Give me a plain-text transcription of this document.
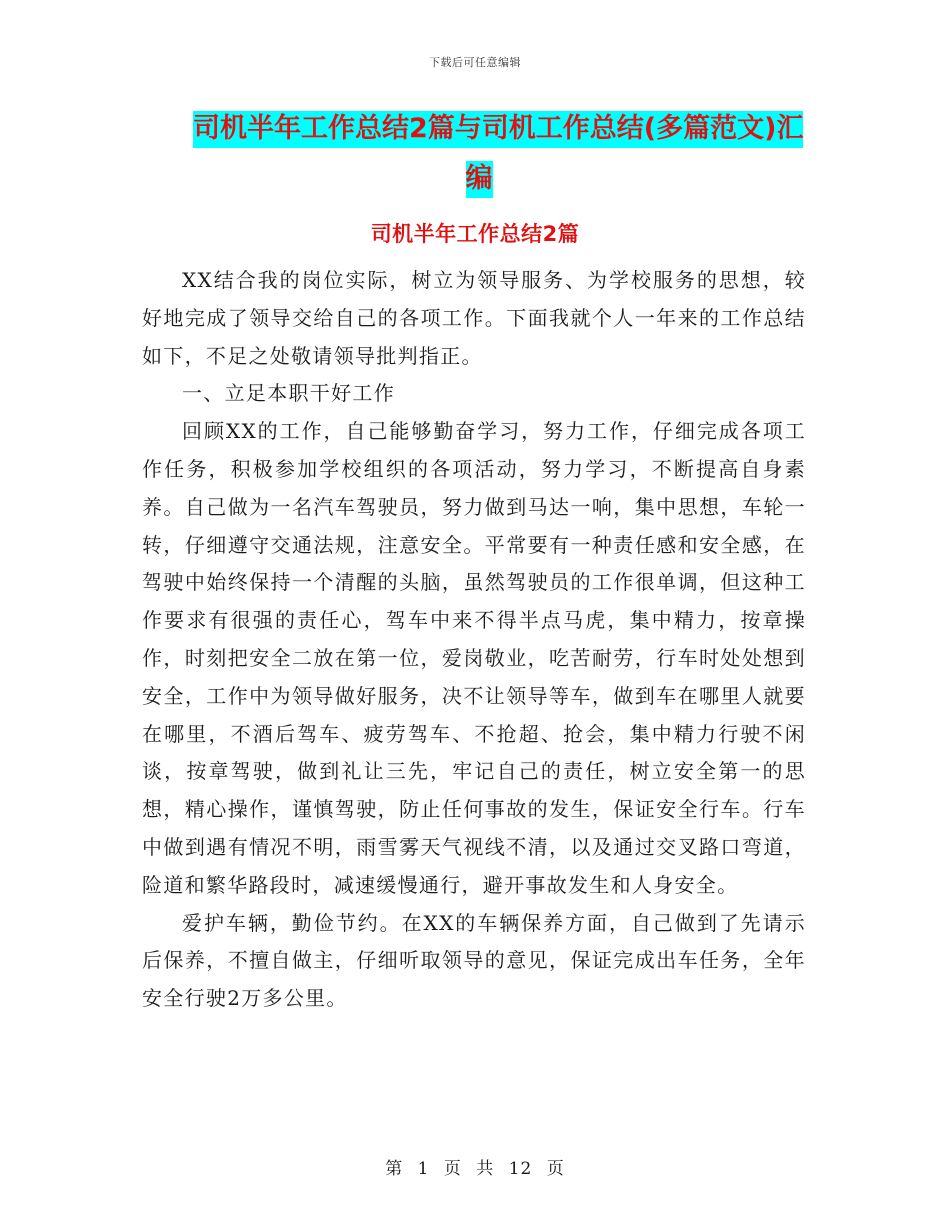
下载后可任意编辑
司机半年工作总结2篇与司机工作总结(多篇范文)汇
编
司机半年工作总结2篇

XX结合我的岗位实际，树立为领导服务、为学校服务的思想，较好地完成了领导交给自己的各项工作。下面我就个人一年来的工作总结如下，不足之处敬请领导批判指正。

一、立足本职干好工作

回顾XX的工作，自己能够勤奋学习，努力工作，仔细完成各项工作任务，积极参加学校组织的各项活动，努力学习，不断提高自身素养。自己做为一名汽车驾驶员，努力做到马达一响，集中思想，车轮一转，仔细遵守交通法规，注意安全。平常要有一种责任感和安全感，在驾驶中始终保持一个清醒的头脑，虽然驾驶员的工作很单调，但这种工作要求有很强的责任心，驾车中来不得半点马虎，集中精力，按章操作，时刻把安全二放在第一位，爱岗敬业，吃苦耐劳，行车时处处想到安全，工作中为领导做好服务，决不让领导等车，做到车在哪里人就要在哪里，不酒后驾车、疲劳驾车、不抢超、抢会，集中精力行驶不闲谈，按章驾驶，做到礼让三先，牢记自己的责任，树立安全第一的思想，精心操作，谨慎驾驶，防止任何事故的发生，保证安全行车。行车中做到遇有情况不明，雨雪雾天气视线不清，以及通过交叉路口弯道，险道和繁华路段时，减速缓慢通行，避开事故发生和人身安全。

爱护车辆，勤俭节约。在XX的车辆保养方面，自己做到了先请示后保养，不擅自做主，仔细听取领导的意见，保证完成出车任务，全年安全行驶2万多公里。

第 1 页 共 12 页
